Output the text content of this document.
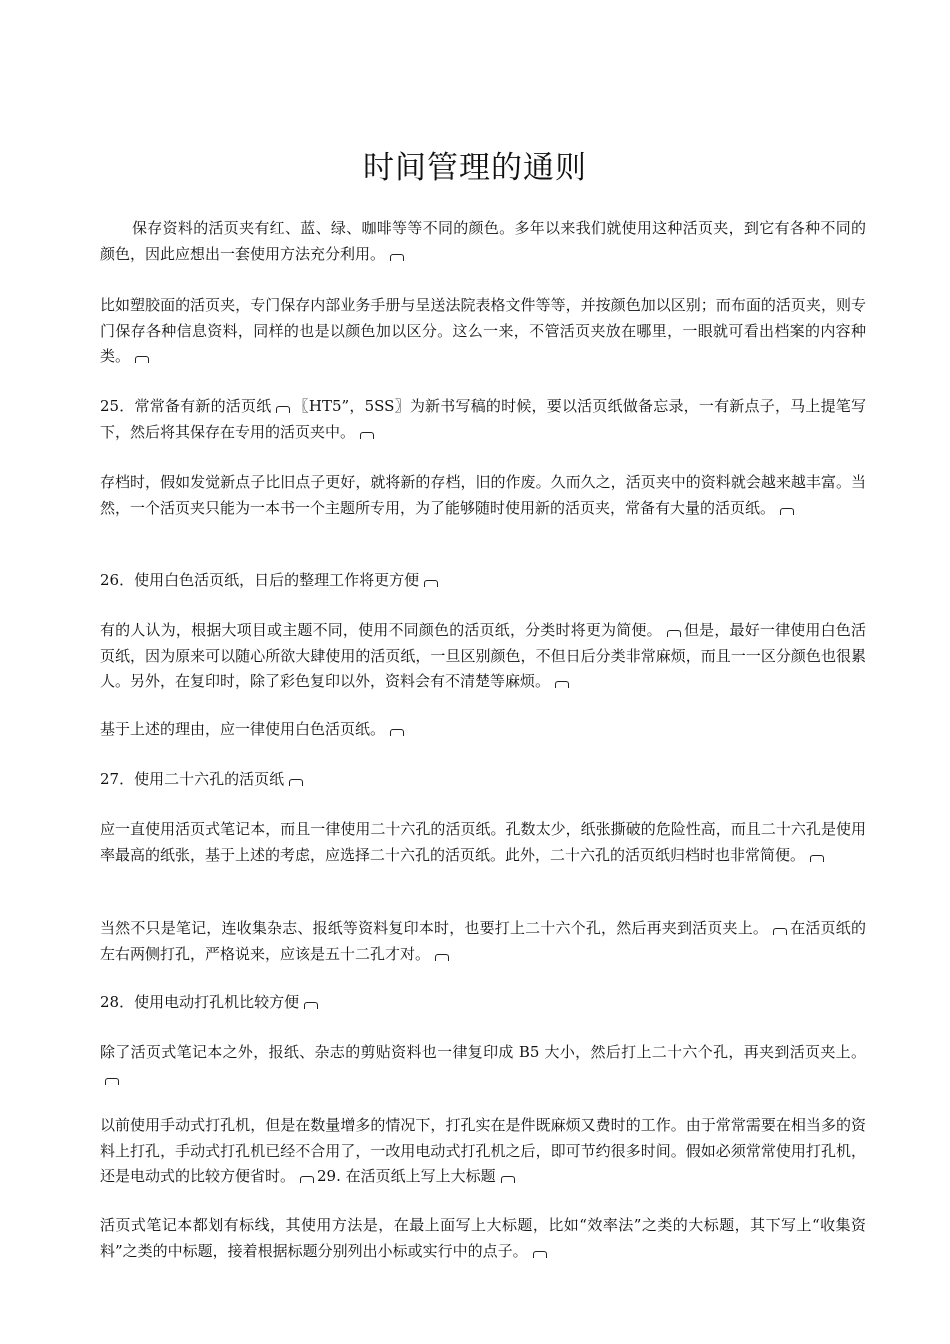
时间管理的通则

保存资料的活页夹有红、蓝、绿、咖啡等等不同的颜色。多年以来我们就使用这种活页夹，到它有各种不同的颜色，因此应想出一套使用方法充分利用。

比如塑胶面的活页夹，专门保存内部业务手册与呈送法院表格文件等等，并按颜色加以区别；而布面的活页夹，则专门保存各种信息资料，同样的也是以颜色加以区分。这么一来，不管活页夹放在哪里，一眼就可看出档案的内容种类。

25．常常备有新的活页纸 〖HT5”，5SS〗为新书写稿的时候，要以活页纸做备忘录，一有新点子，马上提笔写下，然后将其保存在专用的活页夹中。

存档时，假如发觉新点子比旧点子更好，就将新的存档，旧的作废。久而久之，活页夹中的资料就会越来越丰富。当然，一个活页夹只能为一本书一个主题所专用，为了能够随时使用新的活页夹，常备有大量的活页纸。

26．使用白色活页纸，日后的整理工作将更方便

有的人认为，根据大项目或主题不同，使用不同颜色的活页纸，分类时将更为简便。 但是，最好一律使用白色活页纸，因为原来可以随心所欲大肆使用的活页纸，一旦区别颜色，不但日后分类非常麻烦，而且一一区分颜色也很累人。另外，在复印时，除了彩色复印以外，资料会有不清楚等麻烦。

基于上述的理由，应一律使用白色活页纸。

27．使用二十六孔的活页纸

应一直使用活页式笔记本，而且一律使用二十六孔的活页纸。孔数太少，纸张撕破的危险性高，而且二十六孔是使用率最高的纸张，基于上述的考虑，应选择二十六孔的活页纸。此外，二十六孔的活页纸归档时也非常简便。

当然不只是笔记，连收集杂志、报纸等资料复印本时，也要打上二十六个孔，然后再夹到活页夹上。 在活页纸的左右两侧打孔，严格说来，应该是五十二孔才对。

28．使用电动打孔机比较方便

除了活页式笔记本之外，报纸、杂志的剪贴资料也一律复印成 B5 大小，然后打上二十六个孔，再夹到活页夹上。

以前使用手动式打孔机，但是在数量增多的情况下，打孔实在是件既麻烦又费时的工作。由于常常需要在相当多的资料上打孔，手动式打孔机已经不合用了，一改用电动式打孔机之后，即可节约很多时间。假如必须常常使用打孔机，还是电动式的比较方便省时。 29. 在活页纸上写上大标题

活页式笔记本都划有标线，其使用方法是，在最上面写上大标题，比如“效率法”之类的大标题，其下写上“收集资料”之类的中标题，接着根据标题分别列出小标或实行中的点子。
